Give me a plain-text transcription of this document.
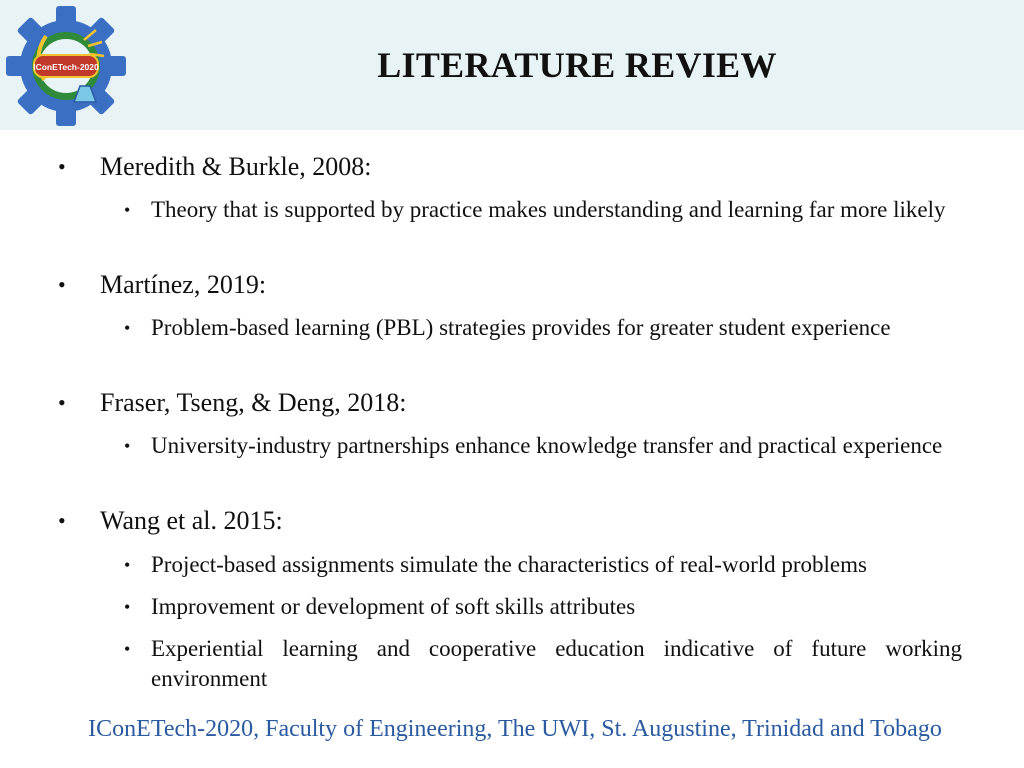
IConETech-2020	LITERATURE REVIEW
• Meredith & Burkle, 2008:
• Theory that is supported by practice makes understanding and learning far more likely
• Martínez, 2019:
• Problem-based learning (PBL) strategies provides for greater student experience
• Fraser, Tseng, & Deng, 2018:
• University-industry partnerships enhance knowledge transfer and practical experience
• Wang et al. 2015:
• Project-based assignments simulate the characteristics of real-world problems
• Improvement or development of soft skills attributes
• Experiential learning and cooperative education indicative of future working environment
IConETech-2020, Faculty of Engineering, The UWI, St. Augustine, Trinidad and Tobago
